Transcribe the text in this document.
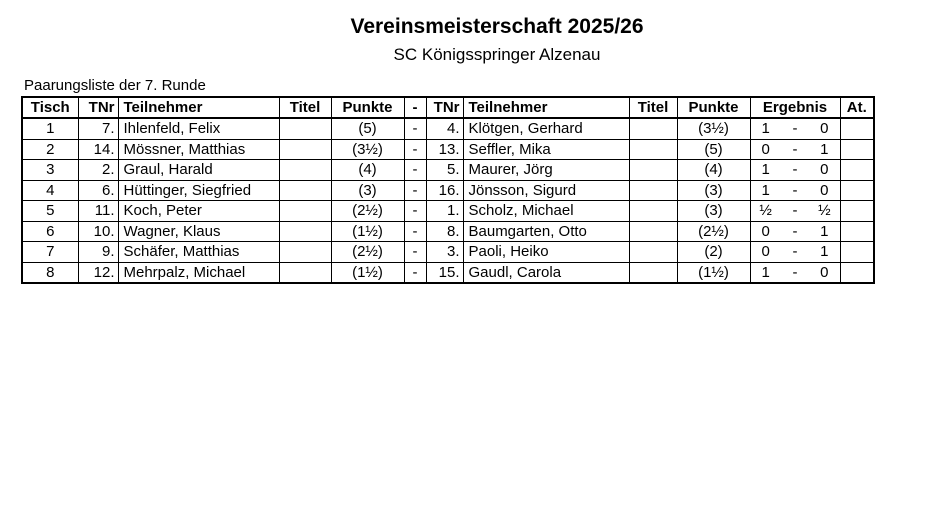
Vereinsmeisterschaft 2025/26
SC Königsspringer Alzenau
Paarungsliste der 7. Runde
Tisch	TNr	Teilnehmer	Titel	Punkte	-	TNr	Teilnehmer	Titel	Punkte	Ergebnis	At.
1	7.	Ihlenfeld, Felix		(5)	-	4.	Klötgen, Gerhard		(3½)	1 - 0	
2	14.	Mössner, Matthias		(3½)	-	13.	Seffler, Mika		(5)	0 - 1	
3	2.	Graul, Harald		(4)	-	5.	Maurer, Jörg		(4)	1 - 0	
4	6.	Hüttinger, Siegfried		(3)	-	16.	Jönsson, Sigurd		(3)	1 - 0	
5	11.	Koch, Peter		(2½)	-	1.	Scholz, Michael		(3)	½ - ½	
6	10.	Wagner, Klaus		(1½)	-	8.	Baumgarten, Otto		(2½)	0 - 1	
7	9.	Schäfer, Matthias		(2½)	-	3.	Paoli, Heiko		(2)	0 - 1	
8	12.	Mehrpalz, Michael		(1½)	-	15.	Gaudl, Carola		(1½)	1 - 0	
